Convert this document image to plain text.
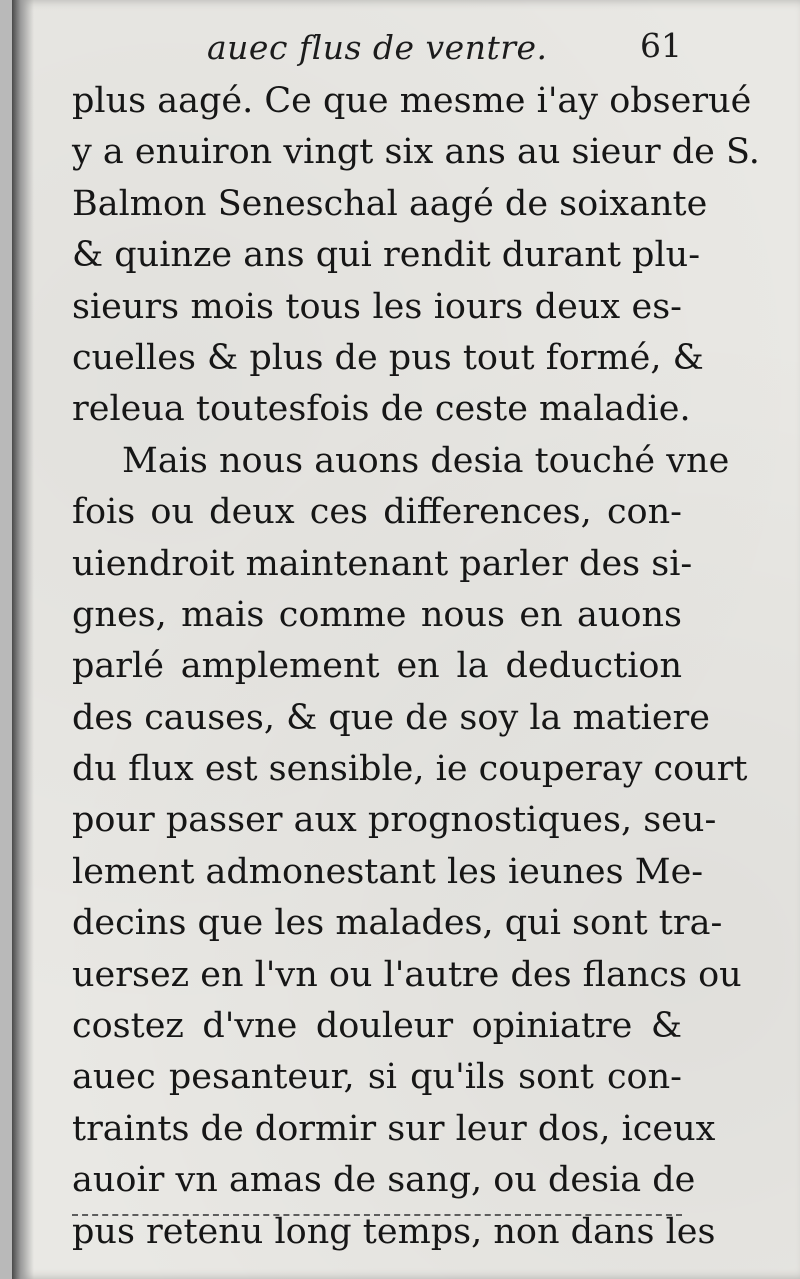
auec flus de ventre.	61
plus aagé. Ce que mesme i'ay obserué
y a enuiron vingt six ans au sieur de S.
Balmon Seneschal aagé de soixante
& quinze ans qui rendit durant plu-
sieurs mois tous les iours deux es-
cuelles & plus de pus tout formé, &
releua toutesfois de ceste maladie.
Mais nous auons desia touché vne
fois ou deux ces differences, con-
uiendroit maintenant parler des si-
gnes, mais comme nous en auons
parlé amplement en la deduction
des causes, & que de soy la matiere
du flux est sensible, ie couperay court
pour passer aux prognostiques, seu-
lement admonestant les ieunes Me-
decins que les malades, qui sont tra-
uersez en l'vn ou l'autre des flancs ou
costez d'vne douleur opiniatre &
auec pesanteur, si qu'ils sont con-
traints de dormir sur leur dos, iceux
auoir vn amas de sang, ou desia de
pus retenu long temps, non dans les
